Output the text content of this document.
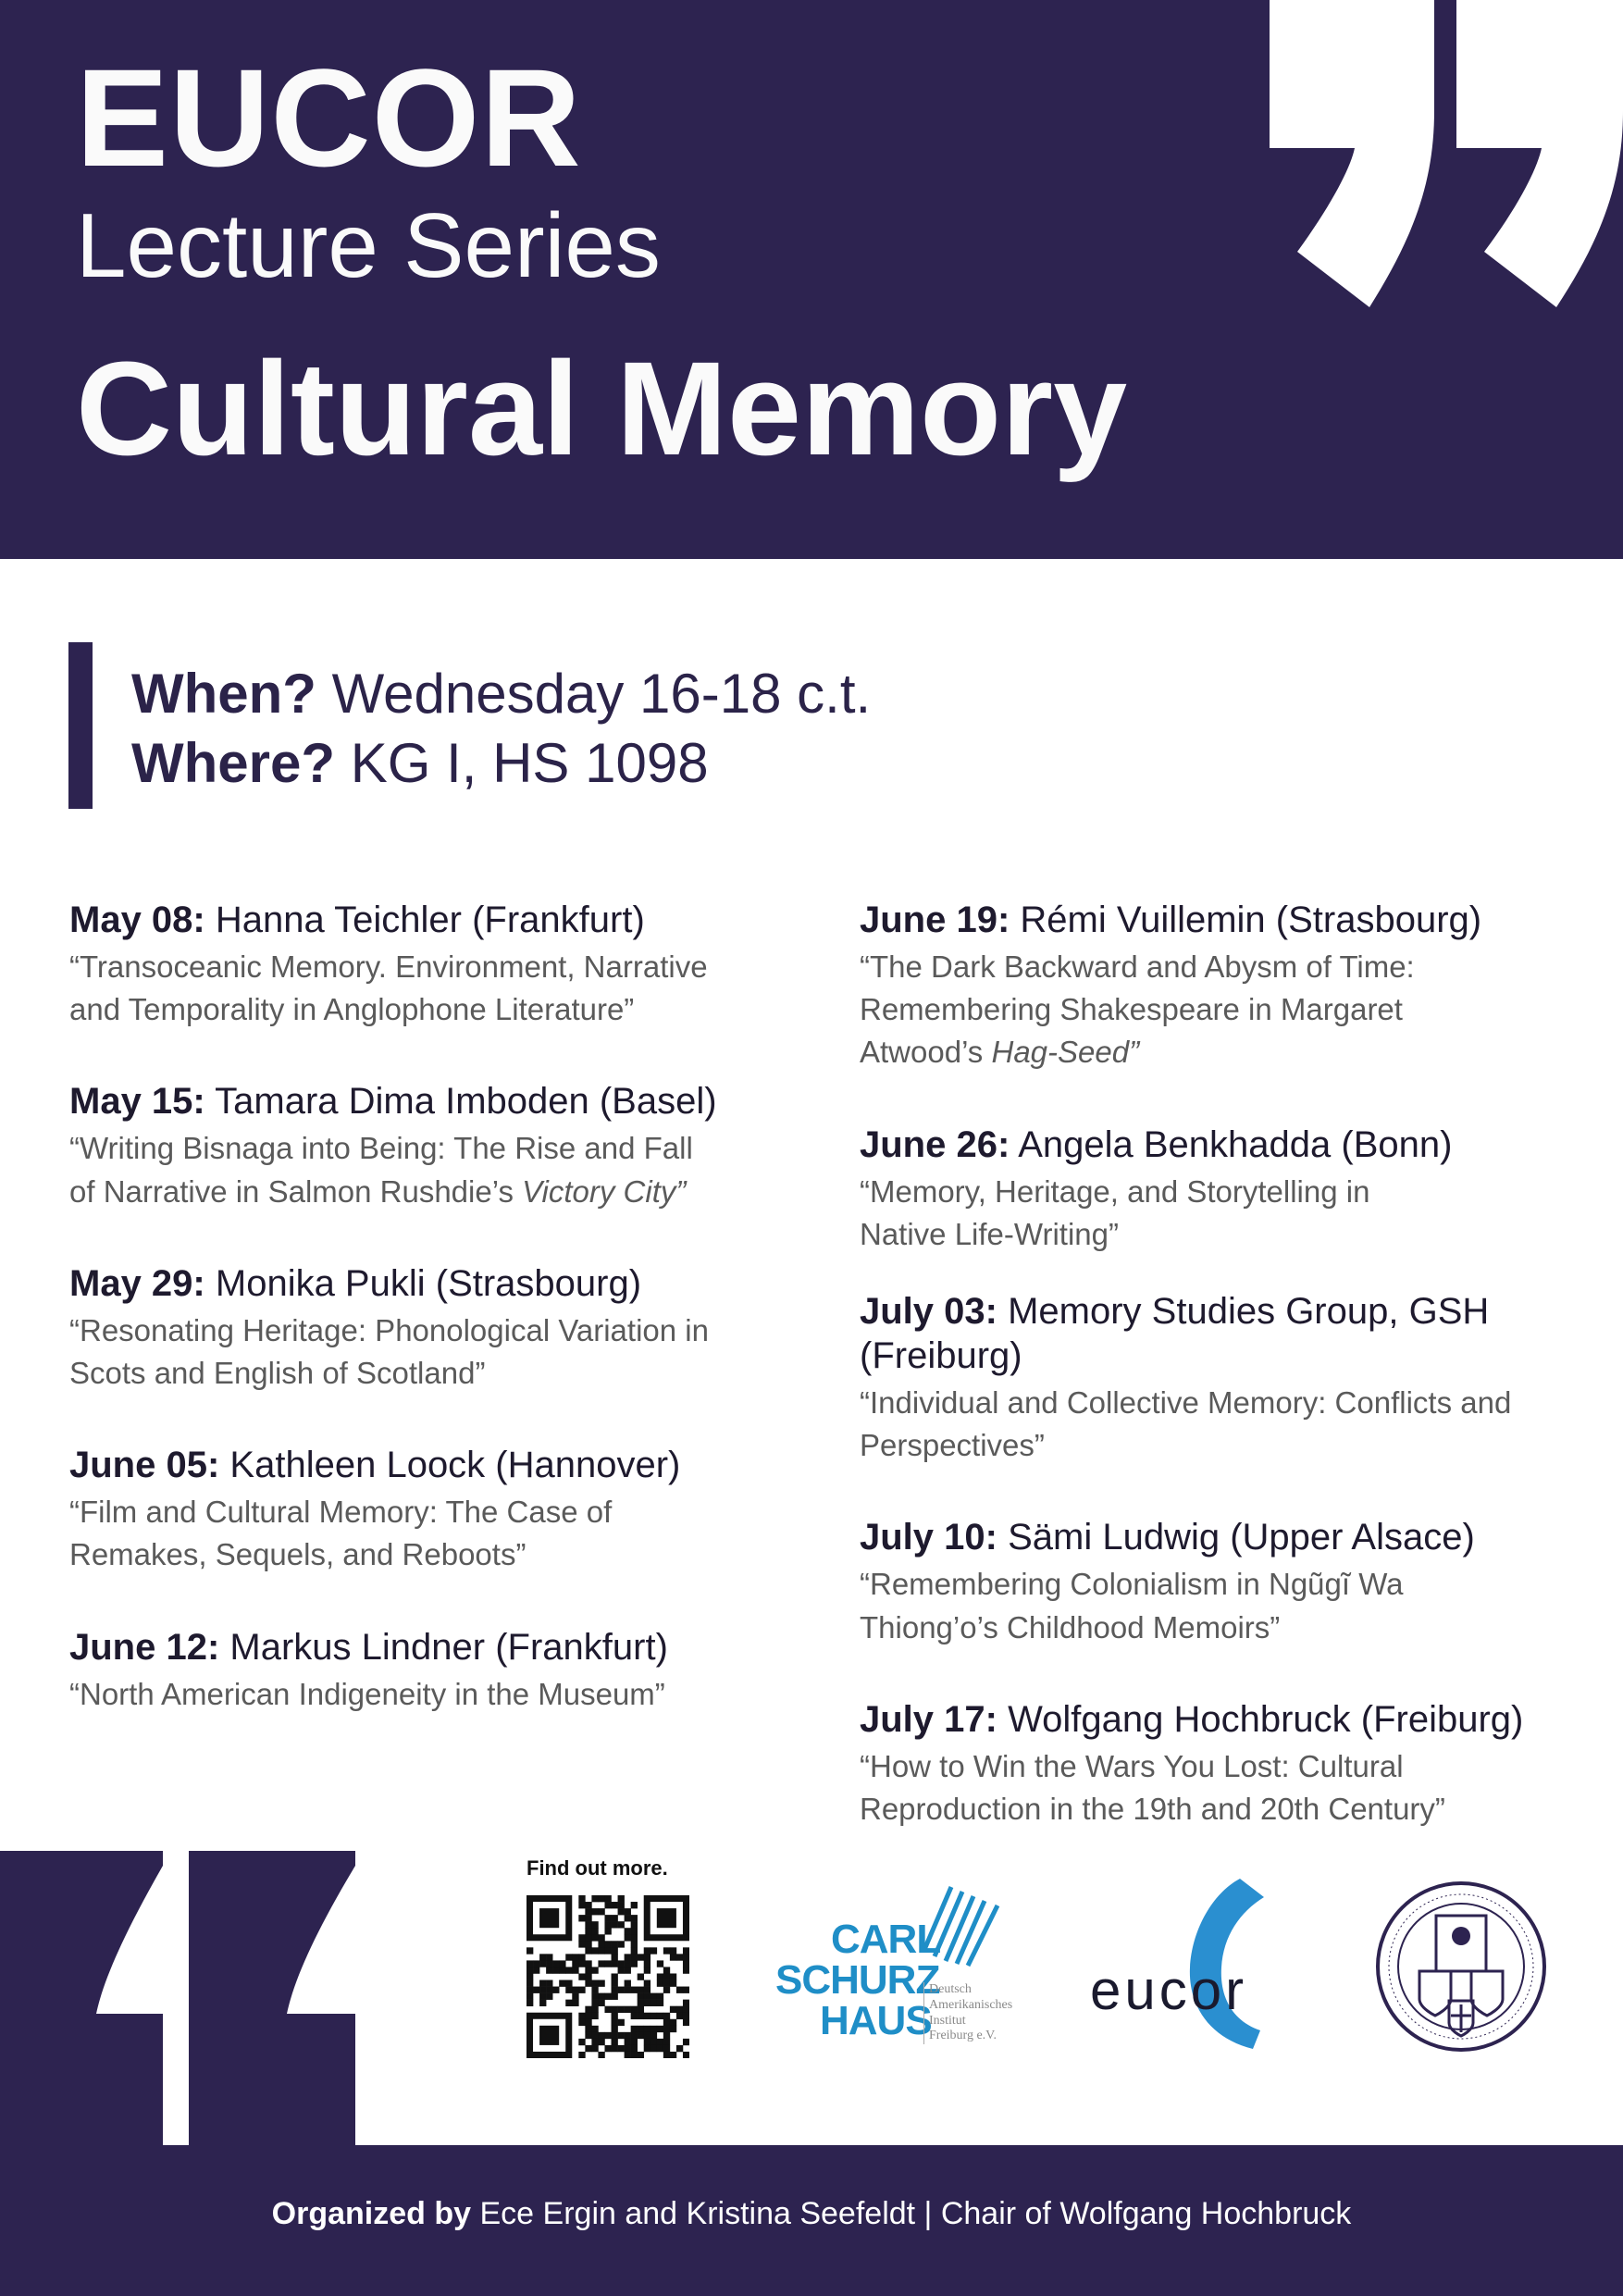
EUCOR
Lecture Series
Cultural Memory
When? Wednesday 16-18 c.t.
Where? KG I, HS 1098
May 08: Hanna Teichler (Frankfurt)
“Transoceanic Memory. Environment, Narrative and Temporality in Anglophone Literature”
May 15: Tamara Dima Imboden (Basel)
“Writing Bisnaga into Being: The Rise and Fall of Narrative in Salmon Rushdie’s Victory City”
May 29: Monika Pukli (Strasbourg)
“Resonating Heritage: Phonological Variation in Scots and English of Scotland”
June 05: Kathleen Loock (Hannover)
“Film and Cultural Memory: The Case of Remakes, Sequels, and Reboots”
June 12: Markus Lindner (Frankfurt)
“North American Indigeneity in the Museum”
June 19: Rémi Vuillemin (Strasbourg)
“The Dark Backward and Abysm of Time: Remembering Shakespeare in Margaret Atwood’s Hag-Seed”
June 26: Angela Benkhadda (Bonn)
“Memory, Heritage, and Storytelling in Native Life-Writing”
July 03: Memory Studies Group, GSH (Freiburg)
“Individual and Collective Memory: Conflicts and Perspectives”
July 10: Sämi Ludwig (Upper Alsace)
“Remembering Colonialism in Ngũgĩ Wa Thiong’o’s Childhood Memoirs”
July 17: Wolfgang Hochbruck (Freiburg)
“How to Win the Wars You Lost: Cultural Reproduction in the 19th and 20th Century”
Find out more.
CARL
SCHURZ
HAUS
Deutsch
Amerikanisches
Institut
Freiburg e.V.
eucor
Organized by Ece Ergin and Kristina Seefeldt | Chair of Wolfgang Hochbruck
